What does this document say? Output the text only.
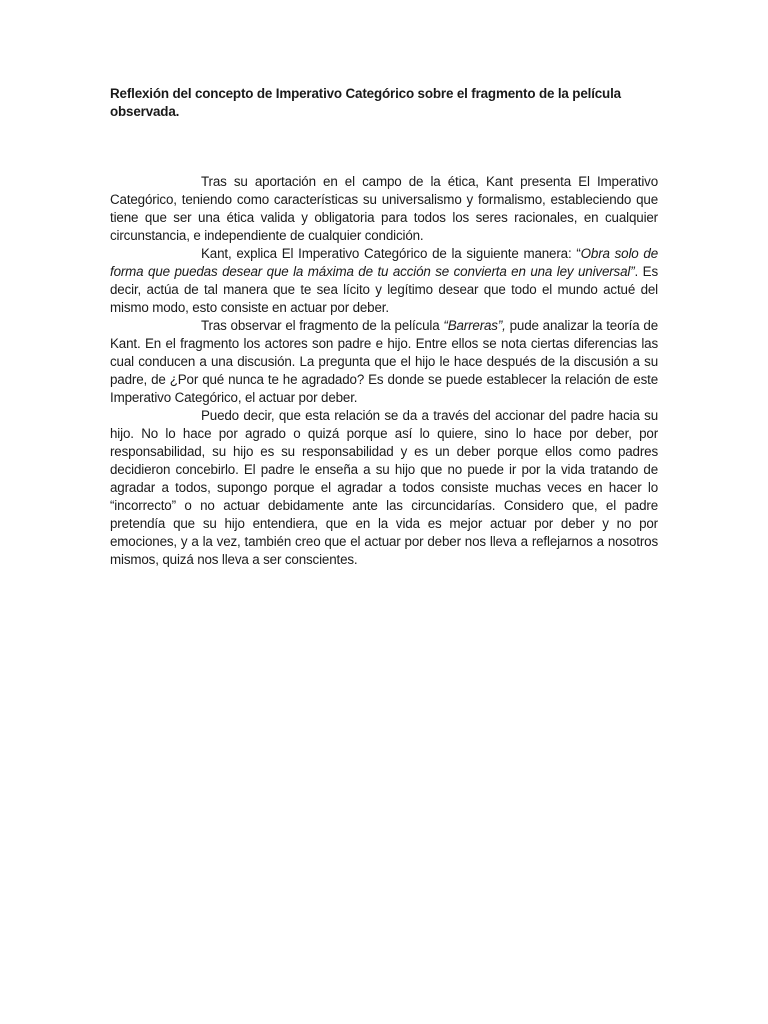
Reflexión del concepto de Imperativo Categórico sobre el fragmento de la película observada.

Tras su aportación en el campo de la ética, Kant presenta El Imperativo Categórico, teniendo como características su universalismo y formalismo, estableciendo que tiene que ser una ética valida y obligatoria para todos los seres racionales, en cualquier circunstancia, e independiente de cualquier condición.

Kant, explica El Imperativo Categórico de la siguiente manera: “Obra solo de forma que puedas desear que la máxima de tu acción se convierta en una ley universal”. Es decir, actúa de tal manera que te sea lícito y legítimo desear que todo el mundo actué del mismo modo, esto consiste en actuar por deber.

Tras observar el fragmento de la película “Barreras”, pude analizar la teoría de Kant. En el fragmento los actores son padre e hijo. Entre ellos se nota ciertas diferencias las cual conducen a una discusión. La pregunta que el hijo le hace después de la discusión a su padre, de ¿Por qué nunca te he agradado? Es donde se puede establecer la relación de este Imperativo Categórico, el actuar por deber.

Puedo decir, que esta relación se da a través del accionar del padre hacia su hijo. No lo hace por agrado o quizá porque así lo quiere, sino lo hace por deber, por responsabilidad, su hijo es su responsabilidad y es un deber porque ellos como padres decidieron concebirlo. El padre le enseña a su hijo que no puede ir por la vida tratando de agradar a todos, supongo porque el agradar a todos consiste muchas veces en hacer lo “incorrecto” o no actuar debidamente ante las circuncidarías. Considero que, el padre pretendía que su hijo entendiera, que en la vida es mejor actuar por deber y no por emociones, y a la vez, también creo que el actuar por deber nos lleva a reflejarnos a nosotros mismos, quizá nos lleva a ser conscientes.
